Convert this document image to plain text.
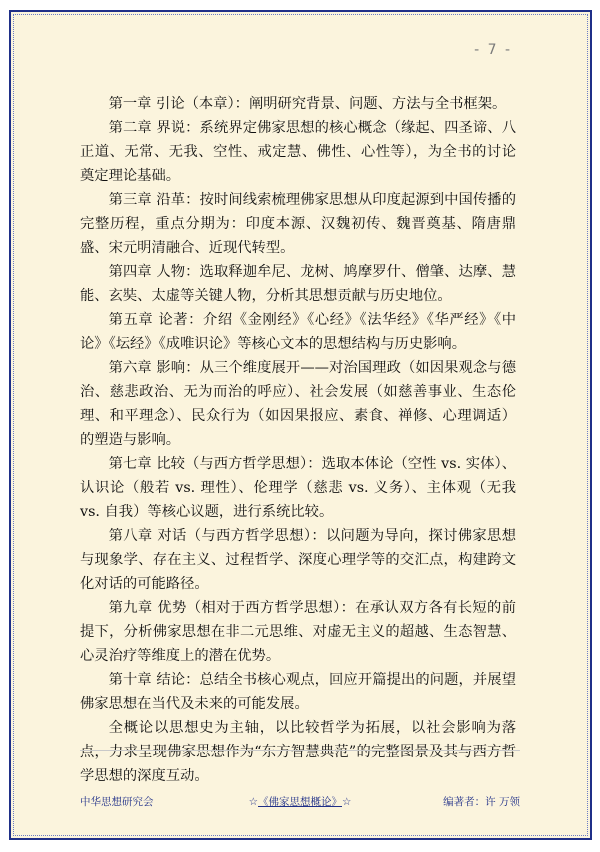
- 7 -

第一章 引论（本章）：阐明研究背景、问题、方法与全书框架。

第二章 界说：系统界定佛家思想的核心概念（缘起、四圣谛、八正道、无常、无我、空性、戒定慧、佛性、心性等），为全书的讨论奠定理论基础。

第三章 沿革：按时间线索梳理佛家思想从印度起源到中国传播的完整历程，重点分期为：印度本源、汉魏初传、魏晋奠基、隋唐鼎盛、宋元明清融合、近现代转型。

第四章 人物：选取释迦牟尼、龙树、鸠摩罗什、僧肇、达摩、慧能、玄奘、太虚等关键人物，分析其思想贡献与历史地位。

第五章 论著：介绍《金刚经》《心经》《法华经》《华严经》《中论》《坛经》《成唯识论》等核心文本的思想结构与历史影响。

第六章 影响：从三个维度展开——对治国理政（如因果观念与德治、慈悲政治、无为而治的呼应）、社会发展（如慈善事业、生态伦理、和平理念）、民众行为（如因果报应、素食、禅修、心理调适）的塑造与影响。

第七章 比较（与西方哲学思想）：选取本体论（空性 vs. 实体）、认识论（般若 vs. 理性）、伦理学（慈悲 vs. 义务）、主体观（无我 vs. 自我）等核心议题，进行系统比较。

第八章 对话（与西方哲学思想）：以问题为导向，探讨佛家思想与现象学、存在主义、过程哲学、深度心理学等的交汇点，构建跨文化对话的可能路径。

第九章 优势（相对于西方哲学思想）：在承认双方各有长短的前提下，分析佛家思想在非二元思维、对虚无主义的超越、生态智慧、心灵治疗等维度上的潜在优势。

第十章 结论：总结全书核心观点，回应开篇提出的问题，并展望佛家思想在当代及未来的可能发展。

全概论以思想史为主轴，以比较哲学为拓展，以社会影响为落点，力求呈现佛家思想作为“东方智慧典范”的完整图景及其与西方哲学思想的深度互动。

中华思想研究会	☆《佛家思想概论》☆	编著者：许 万领
